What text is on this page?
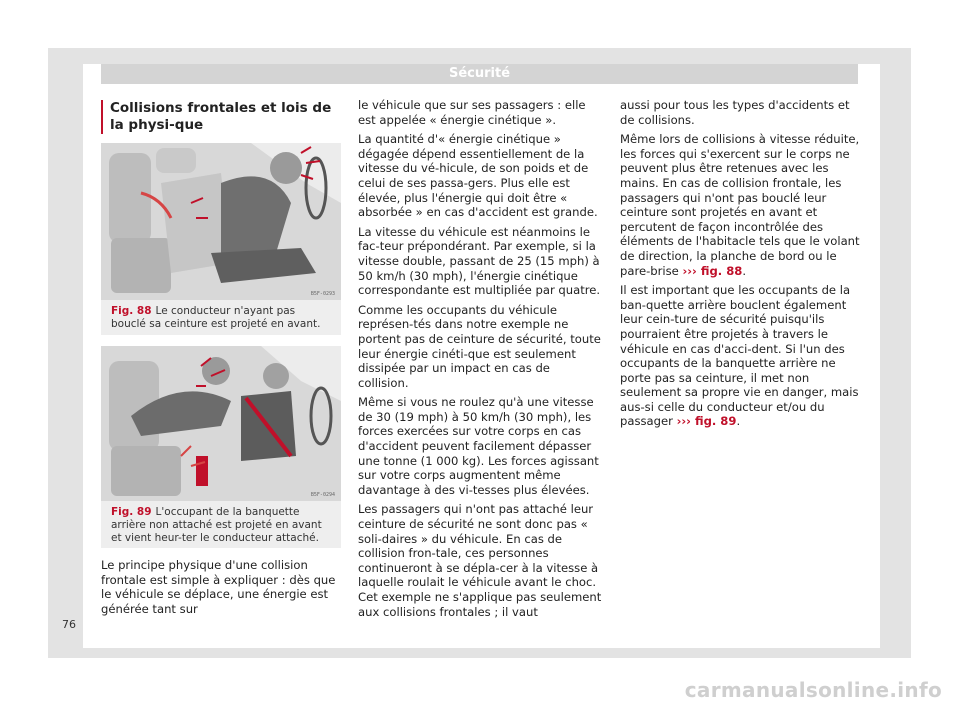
Sécurité
Collisions frontales et lois de la physi-que
B5F-0293
Fig. 88 Le conducteur n'ayant pas bouclé sa ceinture est projeté en avant.
B5F-0294
Fig. 89 L'occupant de la banquette arrière non attaché est projeté en avant et vient heur-ter le conducteur attaché.

Le principe physique d'une collision frontale est simple à expliquer : dès que le véhicule se déplace, une énergie est générée tant sur

le véhicule que sur ses passagers : elle est appelée « énergie cinétique ».

La quantité d'« énergie cinétique » dégagée dépend essentiellement de la vitesse du vé-hicule, de son poids et de celui de ses passa-gers. Plus elle est élevée, plus l'énergie qui doit être « absorbée » en cas d'accident est grande.

La vitesse du véhicule est néanmoins le fac-teur prépondérant. Par exemple, si la vitesse double, passant de 25 (15 mph) à 50 km/h (30 mph), l'énergie cinétique correspondante est multipliée par quatre.

Comme les occupants du véhicule représen-tés dans notre exemple ne portent pas de ceinture de sécurité, toute leur énergie cinéti-que est seulement dissipée par un impact en cas de collision.

Même si vous ne roulez qu'à une vitesse de 30 (19 mph) à 50 km/h (30 mph), les forces exercées sur votre corps en cas d'accident peuvent facilement dépasser une tonne (1 000 kg). Les forces agissant sur votre corps augmentent même davantage à des vi-tesses plus élevées.

Les passagers qui n'ont pas attaché leur ceinture de sécurité ne sont donc pas « soli-daires » du véhicule. En cas de collision fron-tale, ces personnes continueront à se dépla-cer à la vitesse à laquelle roulait le véhicule avant le choc. Cet exemple ne s'applique pas seulement aux collisions frontales ; il vaut

aussi pour tous les types d'accidents et de collisions.

Même lors de collisions à vitesse réduite, les forces qui s'exercent sur le corps ne peuvent plus être retenues avec les mains. En cas de collision frontale, les passagers qui n'ont pas bouclé leur ceinture sont projetés en avant et percutent de façon incontrôlée des éléments de l'habitacle tels que le volant de direction, la planche de bord ou le pare-brise ››› fig. 88.

Il est important que les occupants de la ban-quette arrière bouclent également leur cein-ture de sécurité puisqu'ils pourraient être projetés à travers le véhicule en cas d'acci-dent. Si l'un des occupants de la banquette arrière ne porte pas sa ceinture, il met non seulement sa propre vie en danger, mais aus-si celle du conducteur et/ou du passager ››› fig. 89.

76
carmanualsonline.info
